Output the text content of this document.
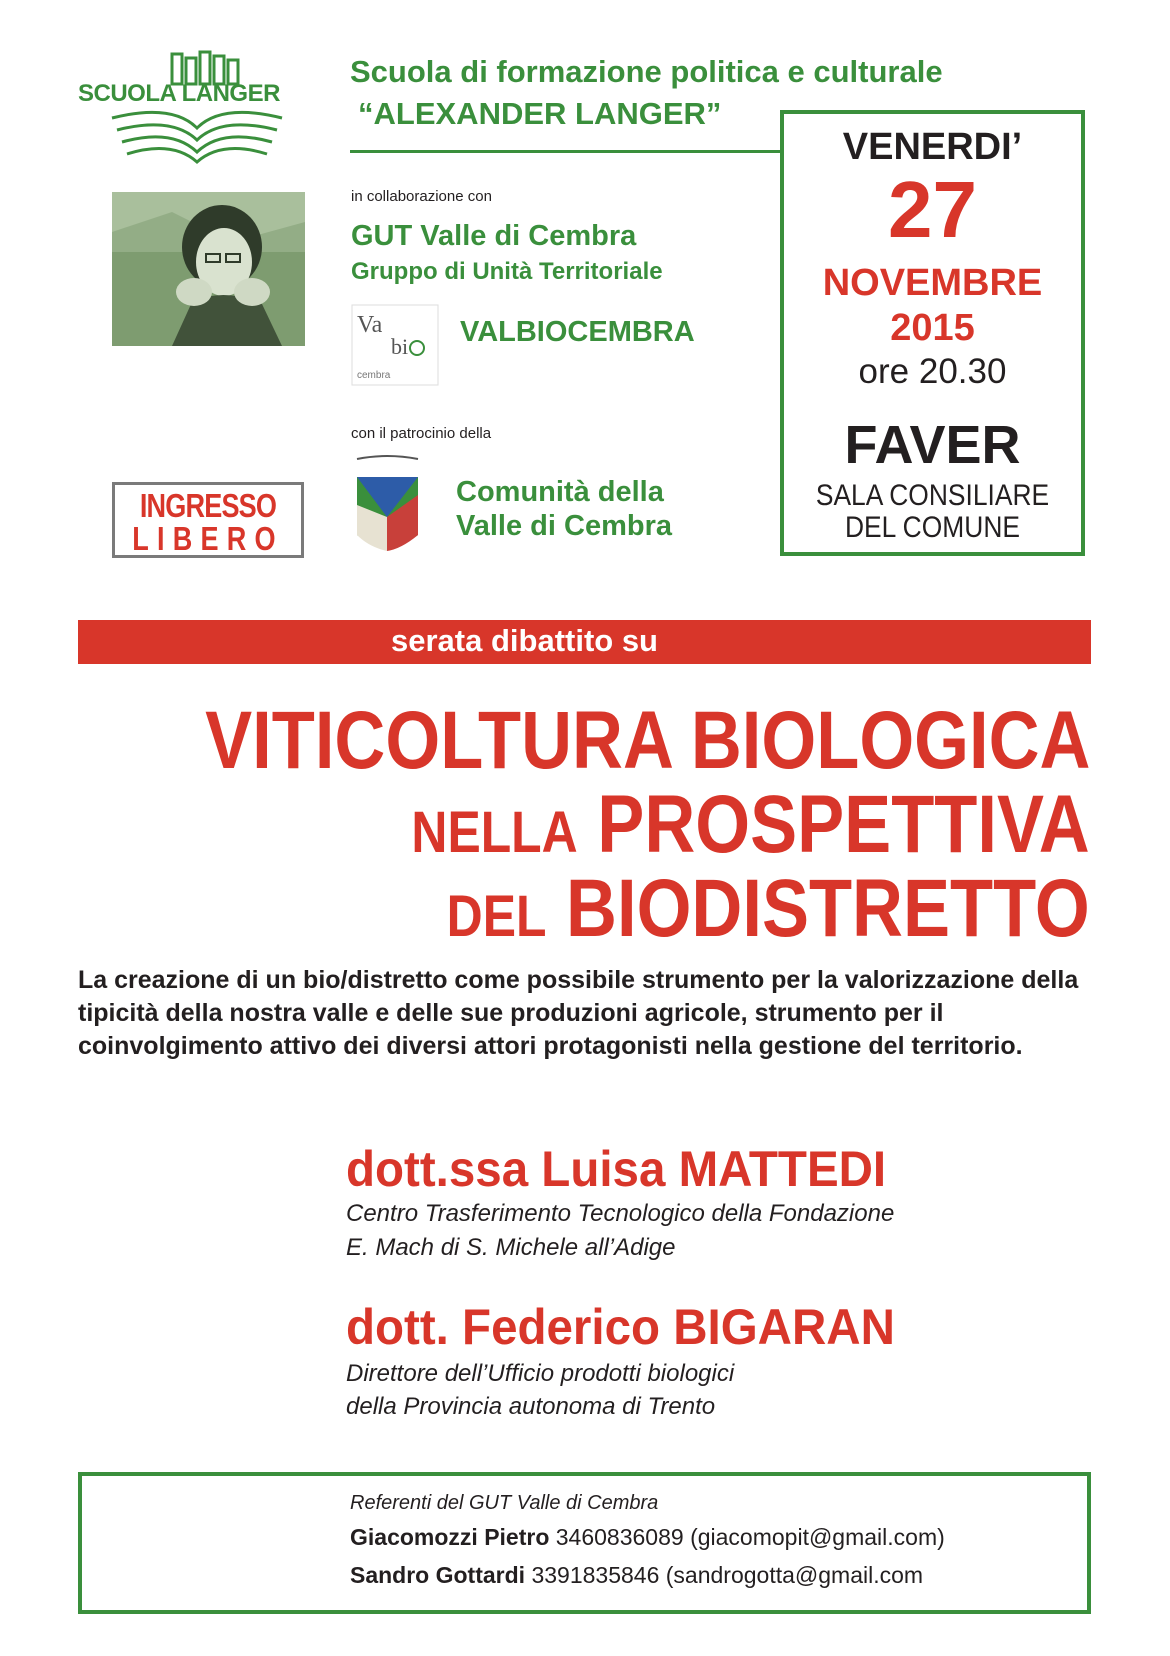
SCUOLA LANGER
Scuola di formazione politica e culturale
“ALEXANDER LANGER”
in collaborazione con
GUT Valle di Cembra
Gruppo di Unità Territoriale
Va
bi
cembra
VALBIOCEMBRA
con il patrocinio della
Comunità della
Valle di Cembra
INGRESSO
LIBERO
VENERDI’
27
NOVEMBRE
2015
ore 20.30
FAVER
SALA CONSILIARE
DEL COMUNE
serata dibattito su
VITICOLTURA BIOLOGICA
NELLA PROSPETTIVA
DEL BIODISTRETTO
La creazione di un bio/distretto come possibile strumento per la valorizzazione della tipicità della nostra valle e delle sue produzioni agricole, strumento per il coinvolgimento attivo dei diversi attori protagonisti nella gestione del territorio.
dott.ssa Luisa MATTEDI
Centro Trasferimento Tecnologico della Fondazione
E. Mach di S. Michele all’Adige
dott. Federico BIGARAN
Direttore dell’Ufficio prodotti biologici
della Provincia autonoma di Trento
Referenti del GUT Valle di Cembra
Giacomozzi Pietro 3460836089 (giacomopit@gmail.com)
Sandro Gottardi 3391835846 (sandrogotta@gmail.com
